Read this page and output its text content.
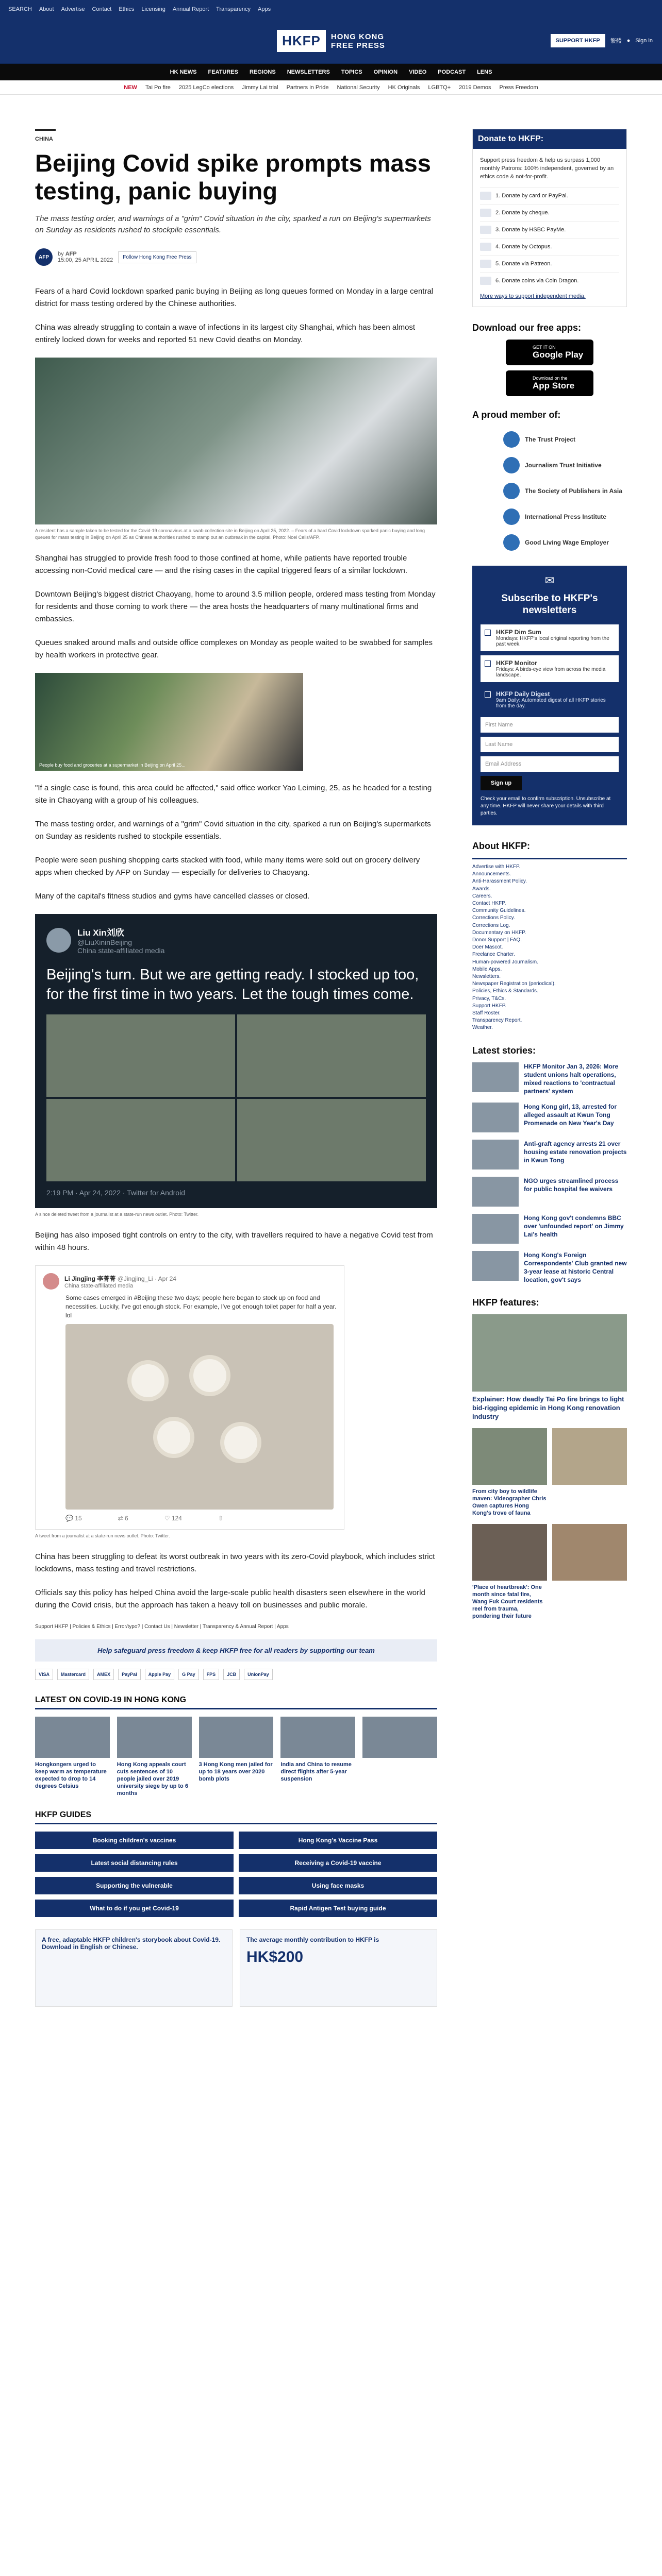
SEARCH About Advertise Contact Ethics Licensing Annual Report Transparency Apps
HKFP	HONG KONG
FREE PRESS
SUPPORT HKFP	繁體 ● Sign in
HK NEWS FEATURES REGIONS NEWSLETTERS TOPICS OPINION VIDEO PODCAST LENS
NEW Tai Po fire 2025 LegCo elections Jimmy Lai trial Partners in Pride National Security HK Originals LGBTQ+ 2019 Demos Press Freedom
CHINA
Beijing Covid spike prompts mass testing, panic buying
The mass testing order, and warnings of a "grim" Covid situation in the city, sparked a run on Beijing's supermarkets on Sunday as residents rushed to stockpile essentials.
AFP	by AFP
15:00, 25 APRIL 2022	Follow Hong Kong Free Press

Fears of a hard Covid lockdown sparked panic buying in Beijing as long queues formed on Monday in a large central district for mass testing ordered by the Chinese authorities.

China was already struggling to contain a wave of infections in its largest city Shanghai, which has been almost entirely locked down for weeks and reported 51 new Covid deaths on Monday.

A resident has a sample taken to be tested for the Covid-19 coronavirus at a swab collection site in Beijing on April 25, 2022. – Fears of a hard Covid lockdown sparked panic buying and long queues for mass testing in Beijing on April 25 as Chinese authorities rushed to stamp out an outbreak in the capital. Photo: Noel Celis/AFP.

Shanghai has struggled to provide fresh food to those confined at home, while patients have reported trouble accessing non-Covid medical care — and the rising cases in the capital triggered fears of a similar lockdown.

Downtown Beijing's biggest district Chaoyang, home to around 3.5 million people, ordered mass testing from Monday for residents and those coming to work there — the area hosts the headquarters of many multinational firms and embassies.

Queues snaked around malls and outside office complexes on Monday as people waited to be swabbed for samples by health workers in protective gear.

People buy food and groceries at a supermarket in Beijing on April 25...

"If a single case is found, this area could be affected," said office worker Yao Leiming, 25, as he headed for a testing site in Chaoyang with a group of his colleagues.

The mass testing order, and warnings of a "grim" Covid situation in the city, sparked a run on Beijing's supermarkets on Sunday as residents rushed to stockpile essentials.

People were seen pushing shopping carts stacked with food, while many items were sold out on grocery delivery apps when checked by AFP on Sunday — especially for deliveries to Chaoyang.

Many of the capital's fitness studios and gyms have cancelled classes or closed.

Liu Xin刘欣
@LiuXininBeijing
China state-affiliated media
Beijing's turn. But we are getting ready. I stocked up too, for the first time in two years. Let the tough times come.
2:19 PM · Apr 24, 2022 · Twitter for Android
A since deleted tweet from a journalist at a state-run news outlet. Photo: Twitter.

Beijing has also imposed tight controls on entry to the city, with travellers required to have a negative Covid test from within 48 hours.

Li Jingjing 李菁菁 @Jingjing_Li · Apr 24
China state-affiliated media
Some cases emerged in #Beijing these two days; people here began to stock up on food and necessities. Luckily, I've got enough stock. For example, I've got enough toilet paper for half a year. lol
💬 15	⇄ 6	♡ 124	⇧
A tweet from a journalist at a state-run news outlet. Photo: Twitter.

China has been struggling to defeat its worst outbreak in two years with its zero-Covid playbook, which includes strict lockdowns, mass testing and travel restrictions.

Officials say this policy has helped China avoid the large-scale public health disasters seen elsewhere in the world during the Covid crisis, but the approach has taken a heavy toll on businesses and public morale.

Support HKFP | Policies & Ethics | Error/typo? | Contact Us | Newsletter | Transparency & Annual Report | Apps
Help safeguard press freedom & keep HKFP free for all readers by supporting our team
VISA	Mastercard	AMEX	PayPal	Apple Pay	G Pay	FPS	JCB	UnionPay
LATEST ON COVID-19 IN HONG KONG
Hongkongers urged to keep warm as temperature expected to drop to 14 degrees Celsius
Hong Kong appeals court cuts sentences of 10 people jailed over 2019 university siege by up to 6 months
3 Hong Kong men jailed for up to 18 years over 2020 bomb plots
India and China to resume direct flights after 5-year suspension
HKFP GUIDES
Booking children's vaccines	Hong Kong's Vaccine Pass
Latest social distancing rules	Receiving a Covid-19 vaccine
Supporting the vulnerable	Using face masks
What to do if you get Covid-19	Rapid Antigen Test buying guide
A free, adaptable HKFP children's storybook about Covid-19. Download in English or Chinese.
The average monthly contribution to HKFP is
HK$200
Donate to HKFP:

Support press freedom & help us surpass 1,000 monthly Patrons: 100% independent, governed by an ethics code & not-for-profit.

1. Donate by card or PayPal.
2. Donate by cheque.
3. Donate by HSBC PayMe.
4. Donate by Octopus.
5. Donate via Patreon.
6. Donate coins via Coin Dragon.
More ways to support independent media.
Download our free apps:
GET IT ON
Google Play
Download on the
App Store
A proud member of:
The Trust Project
Journalism Trust Initiative
The Society of Publishers in Asia
International Press Institute
Good Living Wage Employer
✉
Subscribe to HKFP's newsletters
HKFP Dim Sum
Mondays: HKFP's local original reporting from the past week.
HKFP Monitor
Fridays: A birds-eye view from across the media landscape.
HKFP Daily Digest
9am Daily: Automated digest of all HKFP stories from the day.
First Name
Last Name
Email Address
Sign up
Check your email to confirm subscription. Unsubscribe at any time. HKFP will never share your details with third parties.
About HKFP:
Advertise with HKFP.
Announcements.
Anti-Harassment Policy.
Awards.
Careers.
Contact HKFP.
Community Guidelines.
Corrections Policy.
Corrections Log.
Documentary on HKFP.
Donor Support | FAQ.
Doer Mascot.
Freelance Charter.
Human-powered Journalism.
Mobile Apps.
Newsletters.
Newspaper Registration (periodical).
Policies, Ethics & Standards.
Privacy, T&Cs.
Support HKFP.
Staff Roster.
Transparency Report.
Weather.
Latest stories:
HKFP Monitor Jan 3, 2026: More student unions halt operations, mixed reactions to 'contractual partners' system
Hong Kong girl, 13, arrested for alleged assault at Kwun Tong Promenade on New Year's Day
Anti-graft agency arrests 21 over housing estate renovation projects in Kwun Tong
NGO urges streamlined process for public hospital fee waivers
Hong Kong gov't condemns BBC over 'unfounded report' on Jimmy Lai's health
Hong Kong's Foreign Correspondents' Club granted new 3-year lease at historic Central location, gov't says
HKFP features:
Explainer: How deadly Tai Po fire brings to light bid-rigging epidemic in Hong Kong renovation industry
From city boy to wildlife maven: Videographer Chris Owen captures Hong Kong's trove of fauna
'Place of heartbreak': One month since fatal fire, Wang Fuk Court residents reel from trauma, pondering their future
